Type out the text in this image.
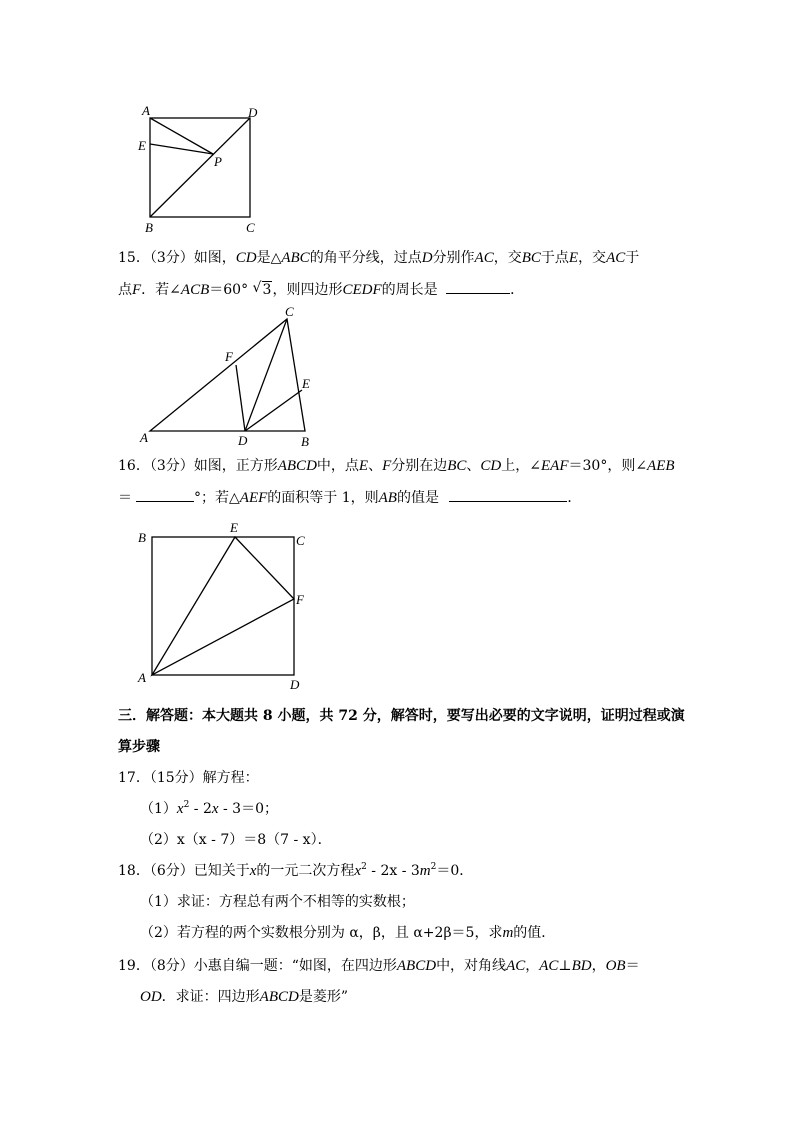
A	D
E
P
B	C
15．（3分）如图，CD是△ABC的角平分线，过点D分别作AC，交BC于点E，交AC于
点F．若∠ACB＝60° √ 3，则四边形CEDF的周长是	．
C
F
E
A	D	B
16．（3分）如图，正方形ABCD中，点E、F分别在边BC、CD上，∠EAF＝30°，则∠AEB
＝	°；若△AEF的面积等于 1，则AB的值是	．
B
E
C
F
A	D
三．解答题：本大题共 8 小题，共 72 分，解答时，要写出必要的文字说明，证明过程或演
算步骤
17．（15分）解方程：
$(1)x^2 - 2x - 3=0$；
（2）x（x - 7）＝8（7 - x）．
18．（6分）已知关于x的一元二次方程$x^2 - 2x - 3m^2=0$．
（1）求证：方程总有两个不相等的实数根；
（2）若方程的两个实数根分别为 α，β，且 α+2β＝5，求m的值．
19．（8分）小惠自编一题：“如图，在四边形ABCD中，对角线AC，AC⊥BD，OB＝
OD．求证：四边形ABCD是菱形”
